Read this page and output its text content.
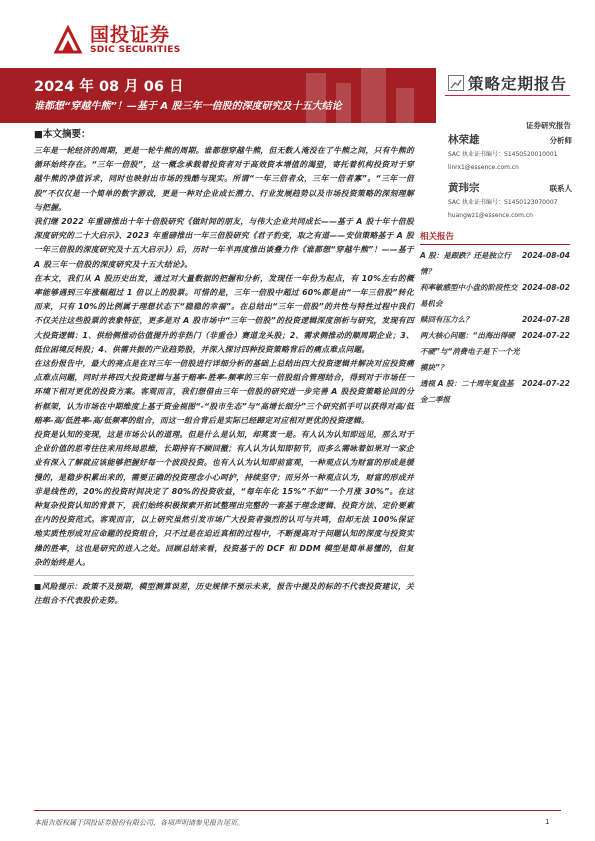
国投证券
SDIC SECURITIES
2024 年 08 月 06 日
谁都想“穿越牛熊”！—基于 A 股三年一倍股的深度研究及十五大结论
策略定期报告
证券研究报告
■本文摘要：

三年是一轮经济的周期，更是一轮牛熊的周期。谁都想穿越牛熊，但无数人淹没在了牛熊之间，只有牛熊的循环始终存在。“三年一倍股”，这一概念承载着投资者对于高效资本增值的渴望，寄托着机构投资对于穿越牛熊的净值诉求，同时也映射出市场的残酷与现实。所谓“一年三倍者众，三年一倍者寡”。“三年一倍股”不仅仅是一个简单的数字游戏，更是一种对企业成长潜力、行业发展趋势以及市场投资策略的深刻理解与把握。

我们继 2022 年重磅推出十年十倍股研究《做时间的朋友，与伟大企业共同成长——基于 A 股十年十倍股深度研究的二十大启示》、2023 年重磅推出一年三倍股研究《君子豹变，取之有道——安信策略基于 A 股一年三倍股的深度研究及十五大启示》）后，历时一年半再度推出谈叠力作《谁都想“穿越牛熊”！——基于 A 股三年一倍股的深度研究及十五大结论》。

在本文，我们从 A 股历史出发，通过对大量数据的把握和分析，发现任一年份为起点，有 10%左右的概率能够遇到三年涨幅超过 1 倍以上的股票。可惜的是，三年一倍股中超过 60%都是由“一年三倍股”转化而来，只有 10%的比例属于理想状态下“稳稳的幸福”。在总结出“三年一倍股”的共性与特性过程中我们不仅关注这些股票的表象特征，更多是对 A 股市场中“三年一倍股”的投资逻辑深度剖析与研究，发现有四大投资逻辑：1、供给侧推动估值提升的非热门（非重仓）赛道龙头股；2、需求侧推动的顺周期企业；3、低位困境反转股；4、供需共振的产业趋势股，并深入探讨四种投资策略背后的痛点难点问题。

在这份报告中，最大的亮点是在对三年一倍股进行详细分析的基础上总结出四大投资逻辑并解决对应投资痛点难点问题，同时并将四大投资逻辑与基于赔率-胜率-频率的三年一倍股组合管理结合，得到对于市场任一环境下相对更优的投资方案。客观而言，我们想借由三年一倍股的研究进一步完善 A 股投资策略论回的分析框架，认为市场在中期维度上基于资金视图“-“股市生态”与“高增长细分”三个研究抓手可以获得对高/低赔率-高/低胜率-高/低频率的组合，而这一组合背后是实际已经蹄定对应相对更优的投资逻辑。

投资是认知的变现，这是市场公认的道理。但是什么是认知，却莫衷一是。有人认为认知即远见，那么对于企业价值的思考往往来用终局思维，长期持有不顾回撤；有人认为认知即韧节，而多么需咏着如果对一家企业有深入了解就应该能够把握好每一个波段投资。也有人认为认知即前富观，一种观点认为财富的形成是缓慢的，是稳步积累出来的，需要正确的投资理念小心呵护，持续坚守；而另外一种观点认为，财富的形成并非是线性的，20%的投资时间决定了 80%的投资收益，“每年年化 15%”不如“一个月涨 30%”。在这种复杂投资认知的背景下，我们始终积极探索开拓试整理出完整的一套基于理念逻辑、投资方法、定价要素在内的投资范式。客观而言，以上研究虽然引发市场广大投资者强烈的认可与共鸣，但却无法 100%保证地实质性形成对应命题的投资组合，只不过是在迫近真相的过程中，不断提高对于问题认知的深度与投资实操的胜率，这也是研究的进入之处。回顾总结来看，投资基于的 DCF 和 DDM 模型是简单易懂的，但复杂的始终是人。

■风险提示：政策不及预期，模型测算误差，历史规律不预示未来，报告中提及的标的不代表投资建议，关注组合不代表股价走势。

林荣雄	分析师
SAC 执业证书编号：S1450520010001
linrx1@essence.com.cn
黄玮宗	联系人
SAC 执业证书编号：S1450123070007
huangwz1@essence.com.cn
相关报告
A 股：是跟跌？还是独立行情？
2024-08-04
利率敏感型中小盘的阶段性交易机会
2024-08-02
赎回有压力么？	2024-07-28
两大核心问题：“出海出得硬不硬”与“消费电子是下一个光模块”？
2024-07-22
透视 A 股：二十周年复盘基金二季报
2024-07-22
本报告版权属于国投证券股份有限公司，各项声明请参见报告尾页。	1
